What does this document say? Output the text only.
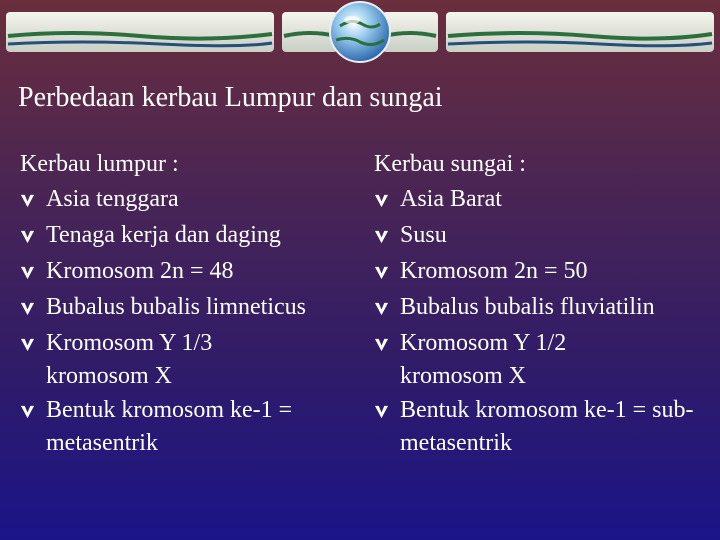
Perbedaan kerbau Lumpur dan sungai
Kerbau lumpur :
Asia tenggara
Tenaga kerja dan daging
Kromosom 2n = 48
Bubalus bubalis limneticus
Kromosom Y 1/3 kromosom X
Bentuk kromosom ke-1 = metasentrik
Kerbau sungai :
Asia Barat
Susu
Kromosom 2n = 50
Bubalus bubalis fluviatilin
Kromosom Y 1/2 kromosom X
Bentuk kromosom ke-1 = sub-metasentrik
